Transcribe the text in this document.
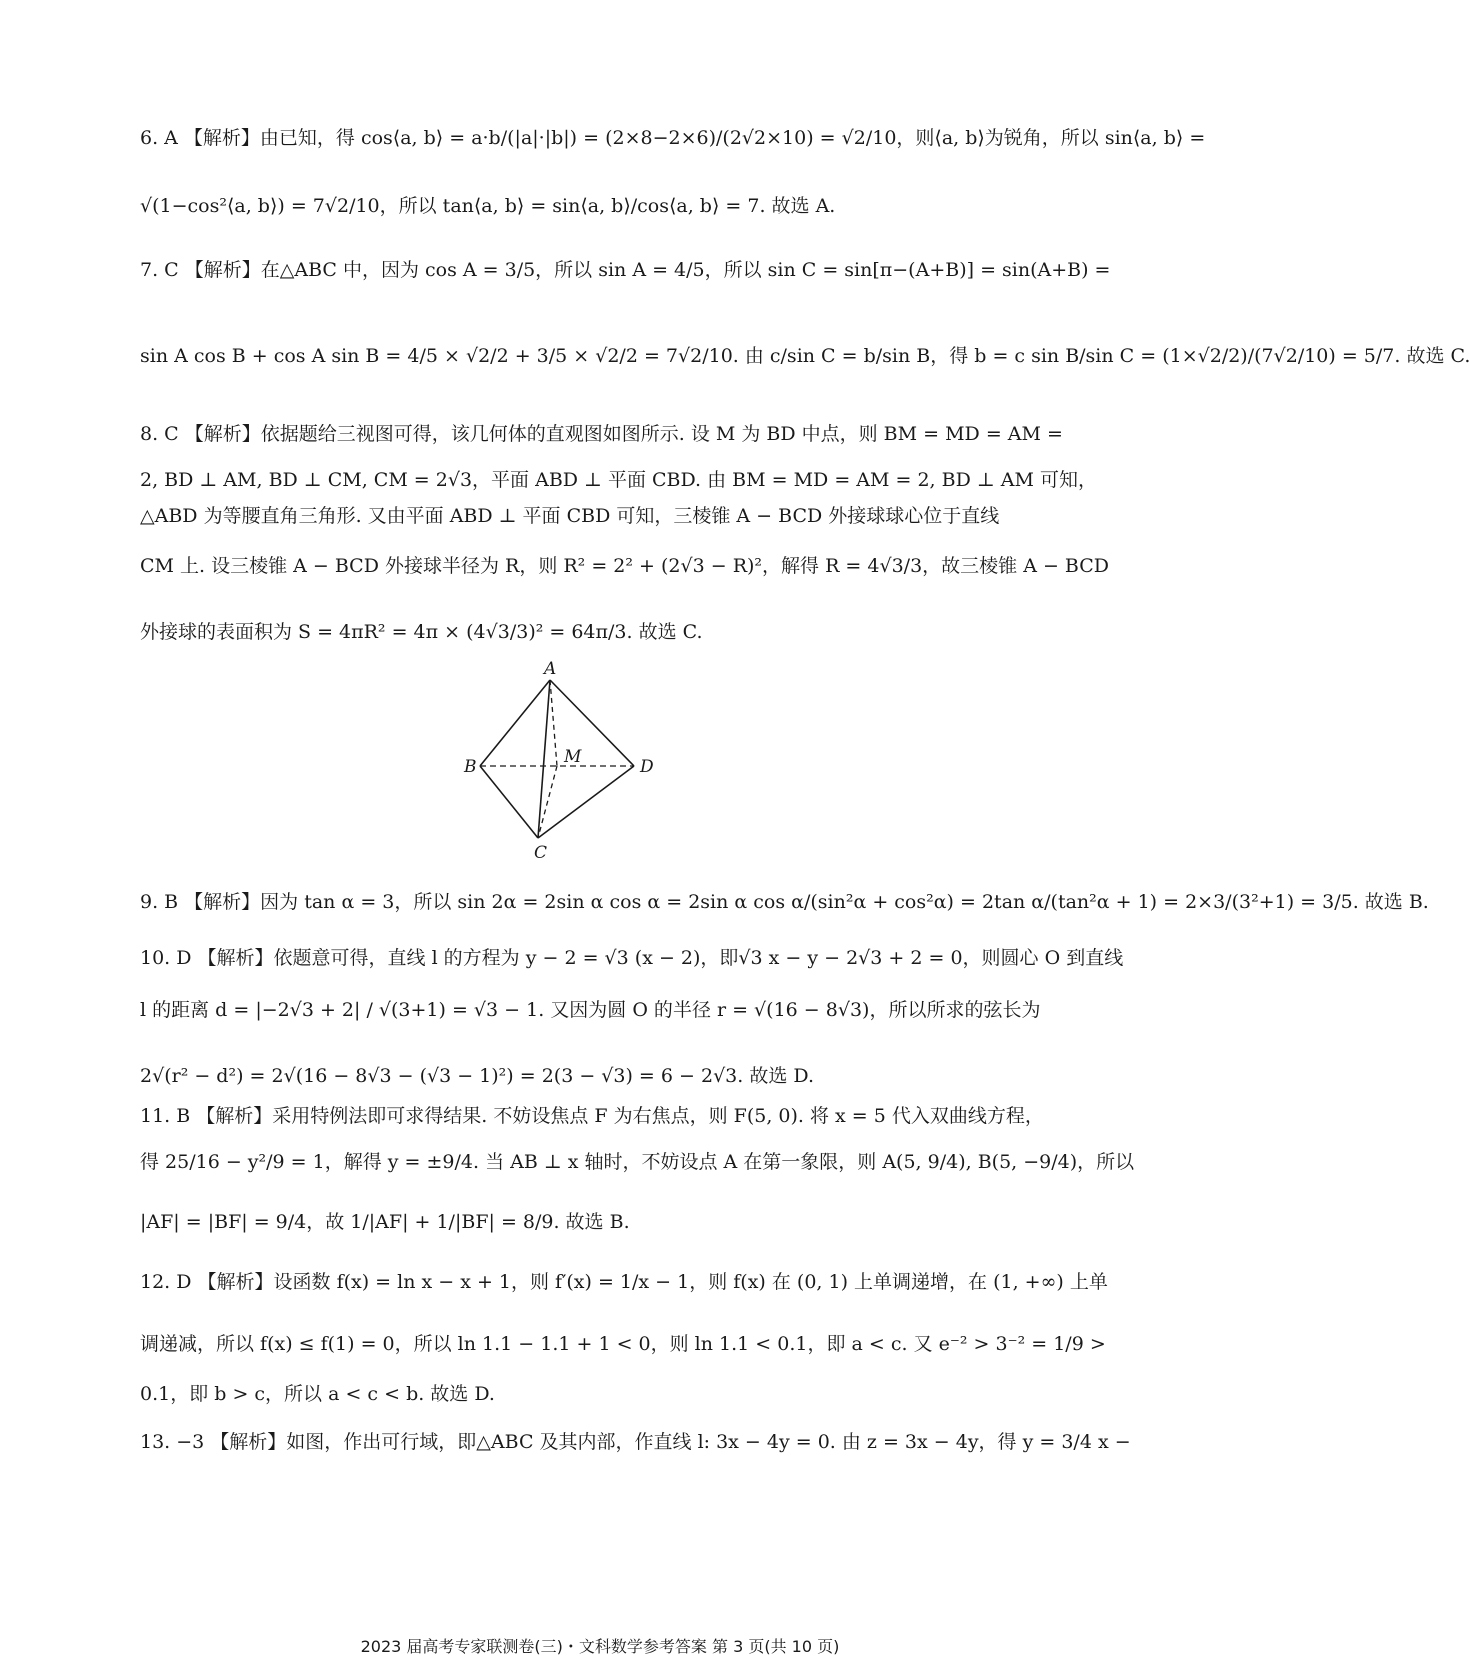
6. A 【解析】由已知，得 cos⟨a, b⟩ = a·b/(|a|·|b|) = (2×8−2×6)/(2√2×10) = √2/10，则⟨a, b⟩为锐角，所以 sin⟨a, b⟩ =
√(1−cos²⟨a, b⟩) = 7√2/10，所以 tan⟨a, b⟩ = sin⟨a, b⟩/cos⟨a, b⟩ = 7. 故选 A.
7. C 【解析】在△ABC 中，因为 cos A = 3/5，所以 sin A = 4/5，所以 sin C = sin[π−(A+B)] = sin(A+B) =
sin A cos B + cos A sin B = 4/5 × √2/2 + 3/5 × √2/2 = 7√2/10. 由 c/sin C = b/sin B，得 b = c sin B/sin C = (1×√2/2)/(7√2/10) = 5/7. 故选 C.
8. C 【解析】依据题给三视图可得，该几何体的直观图如图所示. 设 M 为 BD 中点，则 BM = MD = AM =
2, BD ⊥ AM, BD ⊥ CM, CM = 2√3，平面 ABD ⊥ 平面 CBD. 由 BM = MD = AM = 2, BD ⊥ AM 可知，
△ABD 为等腰直角三角形. 又由平面 ABD ⊥ 平面 CBD 可知，三棱锥 A − BCD 外接球球心位于直线
CM 上. 设三棱锥 A − BCD 外接球半径为 R，则 R² = 2² + (2√3 − R)²，解得 R = 4√3/3，故三棱锥 A − BCD
外接球的表面积为 S = 4πR² = 4π × (4√3/3)² = 64π/3. 故选 C.
A
B	D
C
M
9. B 【解析】因为 tan α = 3，所以 sin 2α = 2sin α cos α = 2sin α cos α/(sin²α + cos²α) = 2tan α/(tan²α + 1) = 2×3/(3²+1) = 3/5. 故选 B.
10. D 【解析】依题意可得，直线 l 的方程为 y − 2 = √3 (x − 2)，即√3 x − y − 2√3 + 2 = 0，则圆心 O 到直线
l 的距离 d = |−2√3 + 2| / √(3+1) = √3 − 1. 又因为圆 O 的半径 r = √(16 − 8√3)，所以所求的弦长为
2√(r² − d²) = 2√(16 − 8√3 − (√3 − 1)²) = 2(3 − √3) = 6 − 2√3. 故选 D.
11. B 【解析】采用特例法即可求得结果. 不妨设焦点 F 为右焦点，则 F(5, 0). 将 x = 5 代入双曲线方程，
得 25/16 − y²/9 = 1，解得 y = ±9/4. 当 AB ⊥ x 轴时，不妨设点 A 在第一象限，则 A(5, 9/4), B(5, −9/4)，所以
|AF| = |BF| = 9/4，故 1/|AF| + 1/|BF| = 8/9. 故选 B.
12. D 【解析】设函数 f(x) = ln x − x + 1，则 f′(x) = 1/x − 1，则 f(x) 在 (0, 1) 上单调递增，在 (1, +∞) 上单
调递减，所以 f(x) ≤ f(1) = 0，所以 ln 1.1 − 1.1 + 1 < 0，则 ln 1.1 < 0.1，即 a < c. 又 e⁻² > 3⁻² = 1/9 >
0.1，即 b > c，所以 a < c < b. 故选 D.
13. −3 【解析】如图，作出可行域，即△ABC 及其内部，作直线 l: 3x − 4y = 0. 由 z = 3x − 4y，得 y = 3/4 x −
2023 届高考专家联测卷(三)・文科数学参考答案 第 3 页(共 10 页)
